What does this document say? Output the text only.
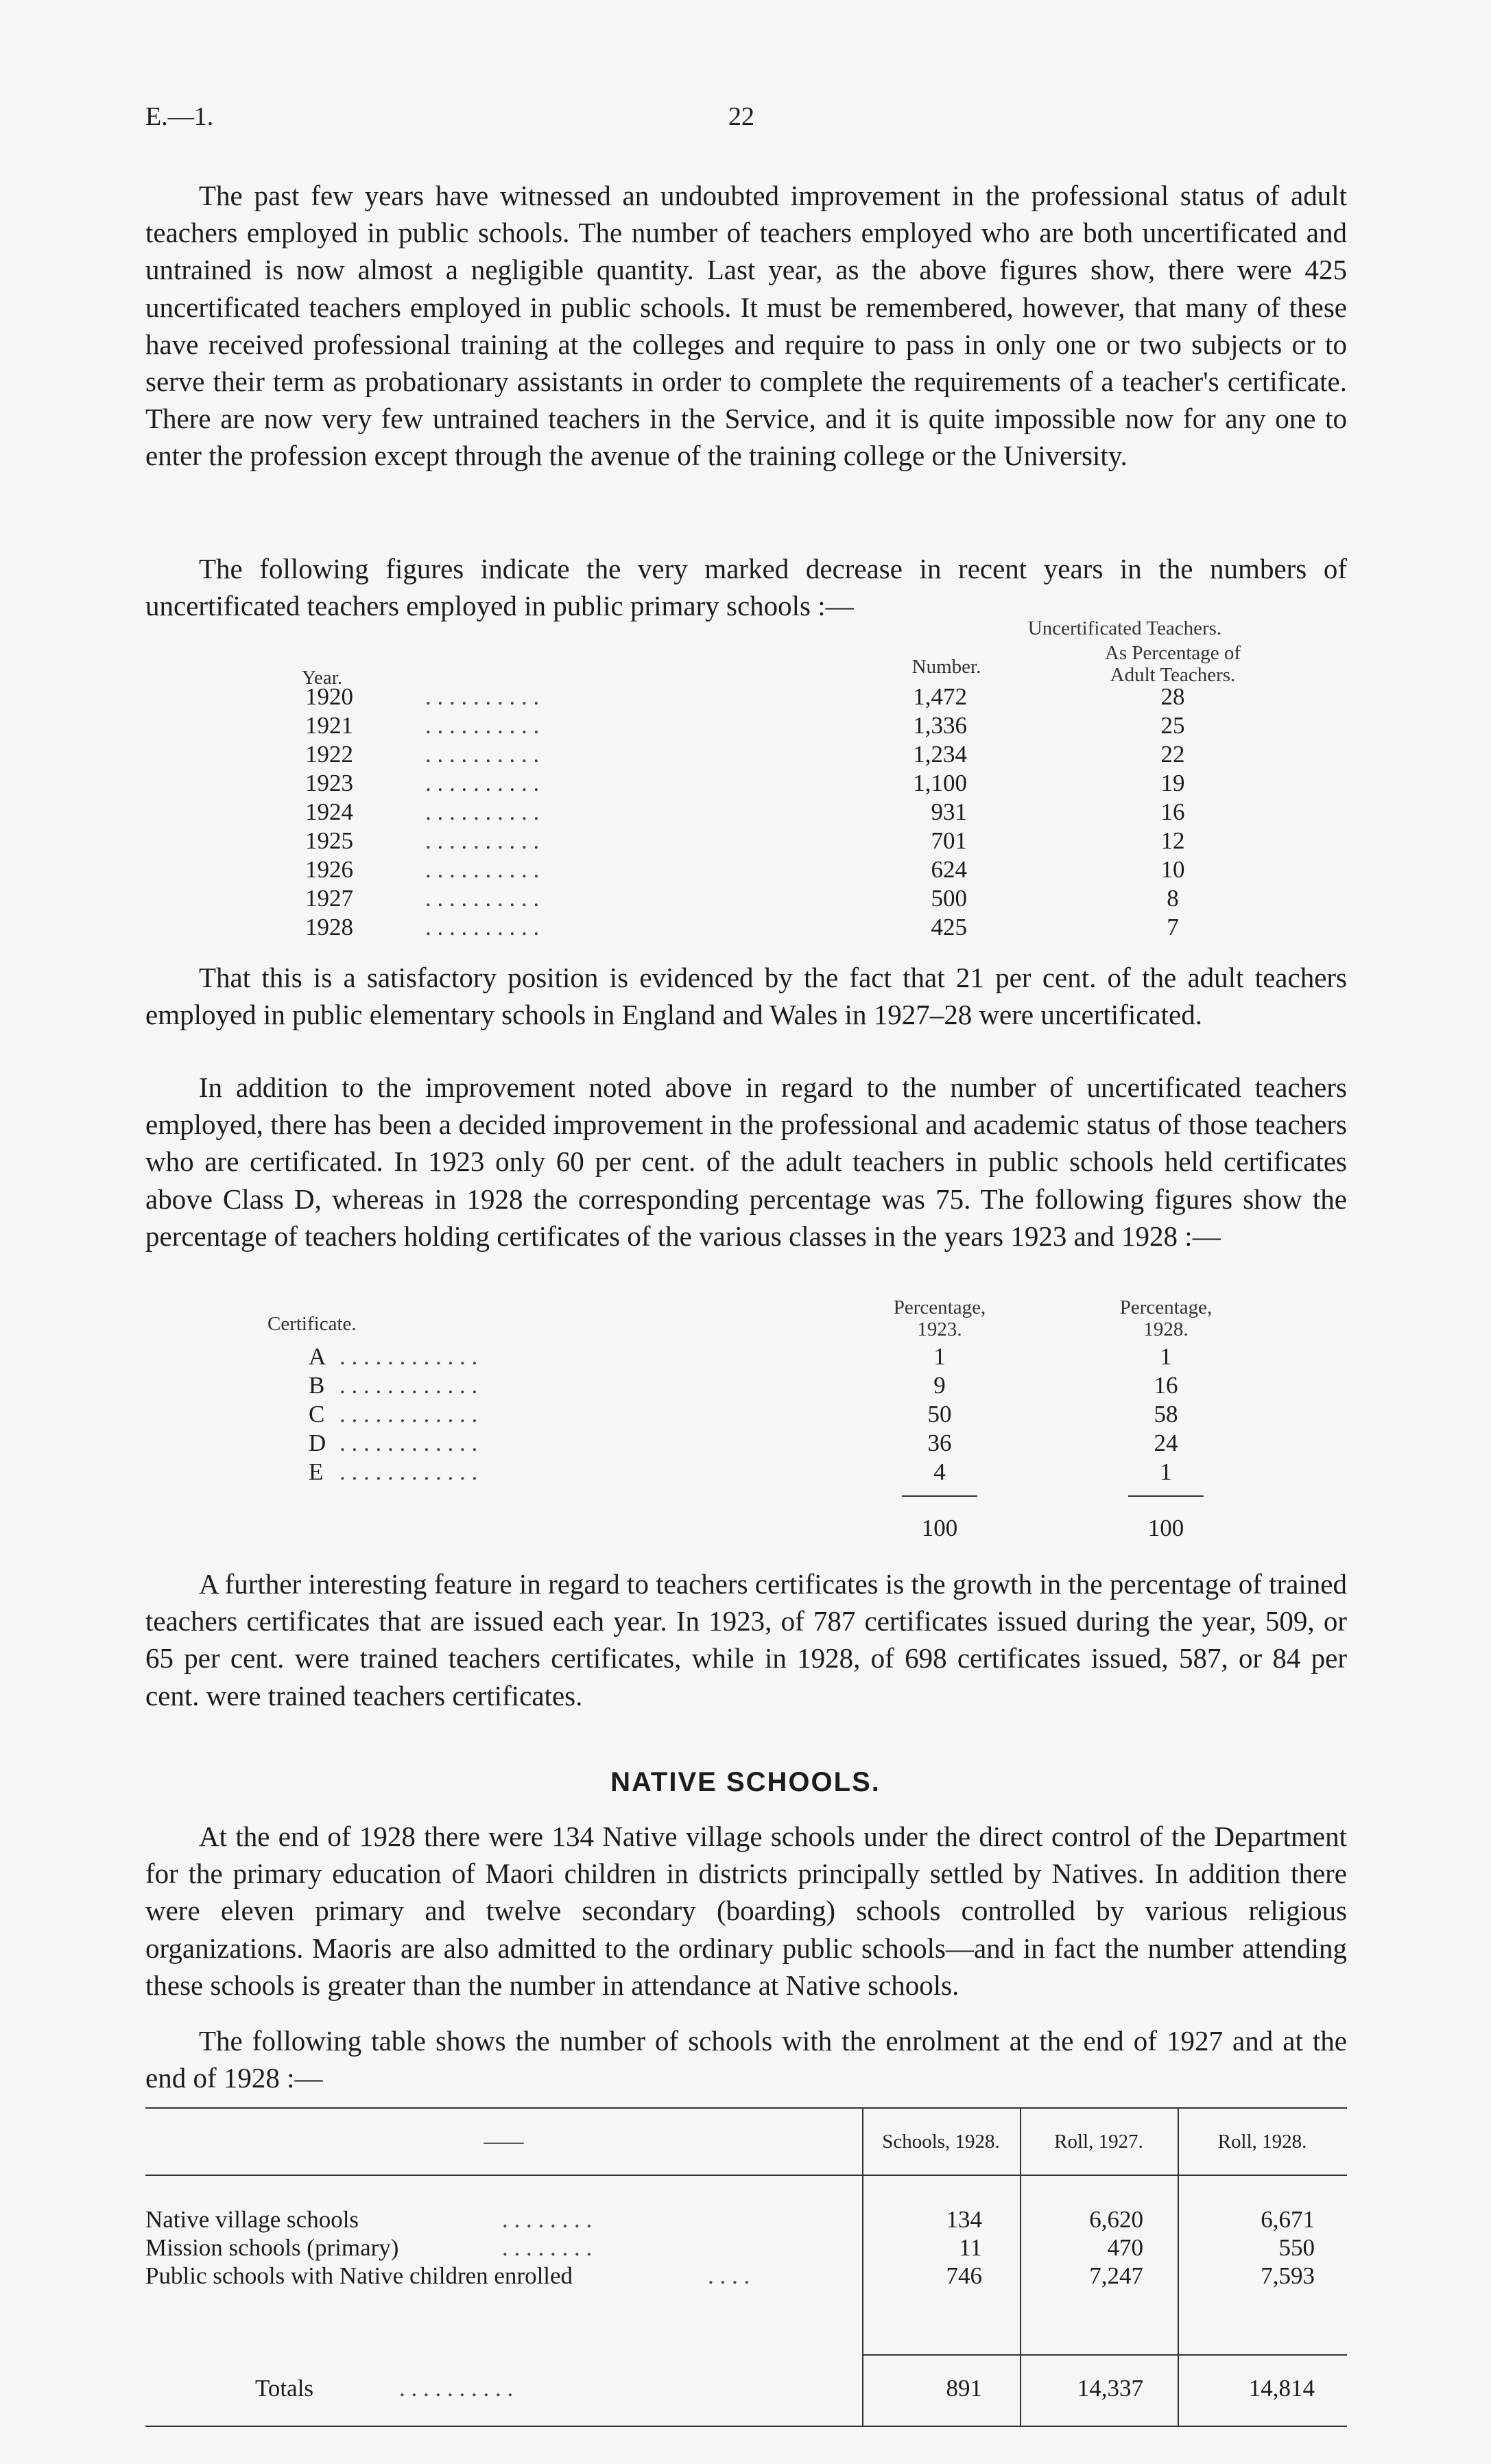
E.—1.	22

The past few years have witnessed an undoubted improvement in the professional status of adult teachers employed in public schools. The number of teachers employed who are both uncertificated and untrained is now almost a negligible quantity. Last year, as the above figures show, there were 425 uncertificated teachers employed in public schools. It must be remembered, however, that many of these have received professional training at the colleges and require to pass in only one or two subjects or to serve their term as probationary assistants in order to complete the requirements of a teacher's certificate. There are now very few untrained teachers in the Service, and it is quite impossible now for any one to enter the profession except through the avenue of the training college or the University.

The following figures indicate the very marked decrease in recent years in the numbers of uncertificated teachers employed in public primary schools :—

Uncertificated Teachers.
Year.	Number.
As Percentage of
Adult Teachers.
1920	. . . . . . . . . .	1,472	28
1921	. . . . . . . . . .	1,336	25
1922	. . . . . . . . . .	1,234	22
1923	. . . . . . . . . .	1,100	19
1924	. . . . . . . . . .	931	16
1925	. . . . . . . . . .	701	12
1926	. . . . . . . . . .	624	10
1927	. . . . . . . . . .	500	8
1928	. . . . . . . . . .	425	7

That this is a satisfactory position is evidenced by the fact that 21 per cent. of the adult teachers employed in public elementary schools in England and Wales in 1927–28 were uncertificated.

In addition to the improvement noted above in regard to the number of uncertificated teachers employed, there has been a decided improvement in the professional and academic status of those teachers who are certificated. In 1923 only 60 per cent. of the adult teachers in public schools held certificates above Class D, whereas in 1928 the corresponding percentage was 75. The following figures show the percentage of teachers holding certificates of the various classes in the years 1923 and 1928 :—

Certificate.
Percentage,
1923.
Percentage,
1928.
A . . . . . . . . . . . .	1	1
B . . . . . . . . . . . .	9	16
C . . . . . . . . . . . .	50	58
D . . . . . . . . . . . .	36	24
E . . . . . . . . . . . .	4	1
100	100

A further interesting feature in regard to teachers certificates is the growth in the percentage of trained teachers certificates that are issued each year. In 1923, of 787 certificates issued during the year, 509, or 65 per cent. were trained teachers certificates, while in 1928, of 698 certificates issued, 587, or 84 per cent. were trained teachers certificates.

NATIVE SCHOOLS.

At the end of 1928 there were 134 Native village schools under the direct control of the Department for the primary education of Maori children in districts principally settled by Natives. In addition there were eleven primary and twelve secondary (boarding) schools controlled by various religious organizations. Maoris are also admitted to the ordinary public schools—and in fact the number attending these schools is greater than the number in attendance at Native schools.

The following table shows the number of schools with the enrolment at the end of 1927 and at the end of 1928 :—

——	Schools, 1928.	Roll, 1927.	Roll, 1928.
Native village schools	. . . . . . . .	134	6,620	6,671
Mission schools (primary)	. . . . . . . .	11	470	550
Public schools with Native children enrolled	. . . .	746	7,247	7,593
Totals	. . . . . . . . . .	891	14,337	14,814
